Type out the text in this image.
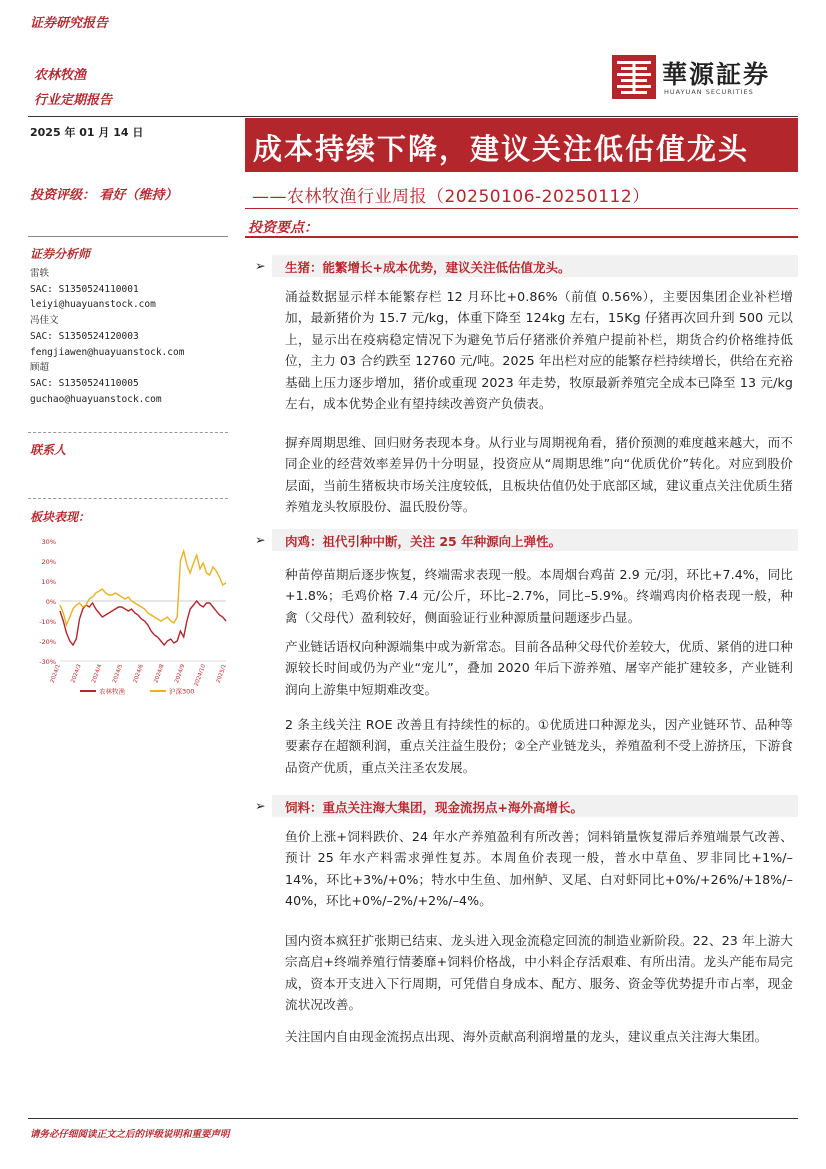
证券研究报告
农林牧渔
行业定期报告
華源証券
HUAYUAN SECURITIES
2025 年 01 月 14 日	成本持续下降，建议关注低估值龙头
投资评级： 看好（维持）	——农林牧渔行业周报（20250106-20250112）
投资要点：
证券分析师
雷轶
SAC: S1350524110001
leiyi@huayuanstock.com
冯佳文
SAC: S1350524120003
fengjiawen@huayuanstock.com
顾超
SAC: S1350524110005
guchao@huayuanstock.com
联系人
板块表现：
30%
20%
10%
0%
-10%
-20%
-30%
2024/1 2024/3 2024/4 2024/5 2024/6 2024/8 2024/9 2024/10 2025/1
农林牧渔	沪深300
➢ 生猪：能繁增长+成本优势，建议关注低估值龙头。
涌益数据显示样本能繁存栏 12 月环比+0.86%（前值 0.56%），主要因集团企业补栏增加，最新猪价为 15.7 元/kg，体重下降至 124kg 左右，15Kg 仔猪再次回升到 500 元以上，显示出在疫病稳定情况下为避免节后仔猪涨价养殖户提前补栏，期货合约价格维持低位，主力 03 合约跌至 12760 元/吨。2025 年出栏对应的能繁存栏持续增长，供给在充裕基础上压力逐步增加，猪价或重现 2023 年走势，牧原最新养殖完全成本已降至 13 元/kg 左右，成本优势企业有望持续改善资产负债表。
摒弃周期思维、回归财务表现本身。从行业与周期视角看，猪价预测的难度越来越大，而不同企业的经营效率差异仍十分明显，投资应从“周期思维”向“优质优价”转化。对应到股价层面，当前生猪板块市场关注度较低，且板块估值仍处于底部区域，建议重点关注优质生猪养殖龙头牧原股份、温氏股份等。
➢ 肉鸡：祖代引种中断，关注 25 年种源向上弹性。
种苗停苗期后逐步恢复，终端需求表现一般。本周烟台鸡苗 2.9 元/羽，环比+7.4%，同比+1.8%；毛鸡价格 7.4 元/公斤，环比–2.7%，同比–5.9%。终端鸡肉价格表现一般，种禽（父母代）盈利较好，侧面验证行业种源质量问题逐步凸显。
产业链话语权向种源端集中或为新常态。目前各品种父母代价差较大，优质、紧俏的进口种源较长时间或仍为产业“宠儿”，叠加 2020 年后下游养殖、屠宰产能扩建较多，产业链利润向上游集中短期难改变。
2 条主线关注 ROE 改善且有持续性的标的。①优质进口种源龙头，因产业链环节、品种等要素存在超额利润，重点关注益生股份；②全产业链龙头，养殖盈利不受上游挤压，下游食品资产优质，重点关注圣农发展。
➢ 饲料：重点关注海大集团，现金流拐点+海外高增长。
鱼价上涨+饲料跌价、24 年水产养殖盈利有所改善；饲料销量恢复滞后养殖端景气改善、预计 25 年水产料需求弹性复苏。本周鱼价表现一般，普水中草鱼、罗非同比+1%/–14%，环比+3%/+0%；特水中生鱼、加州鲈、叉尾、白对虾同比+0%/+26%/+18%/–40%，环比+0%/–2%/+2%/–4%。
国内资本疯狂扩张期已结束、龙头进入现金流稳定回流的制造业新阶段。22、23 年上游大宗高启+终端养殖行情萎靡+饲料价格战，中小料企存活艰难、有所出清。龙头产能布局完成，资本开支进入下行周期，可凭借自身成本、配方、服务、资金等优势提升市占率，现金流状况改善。
关注国内自由现金流拐点出现、海外贡献高利润增量的龙头，建议重点关注海大集团。
请务必仔细阅读正文之后的评级说明和重要声明
